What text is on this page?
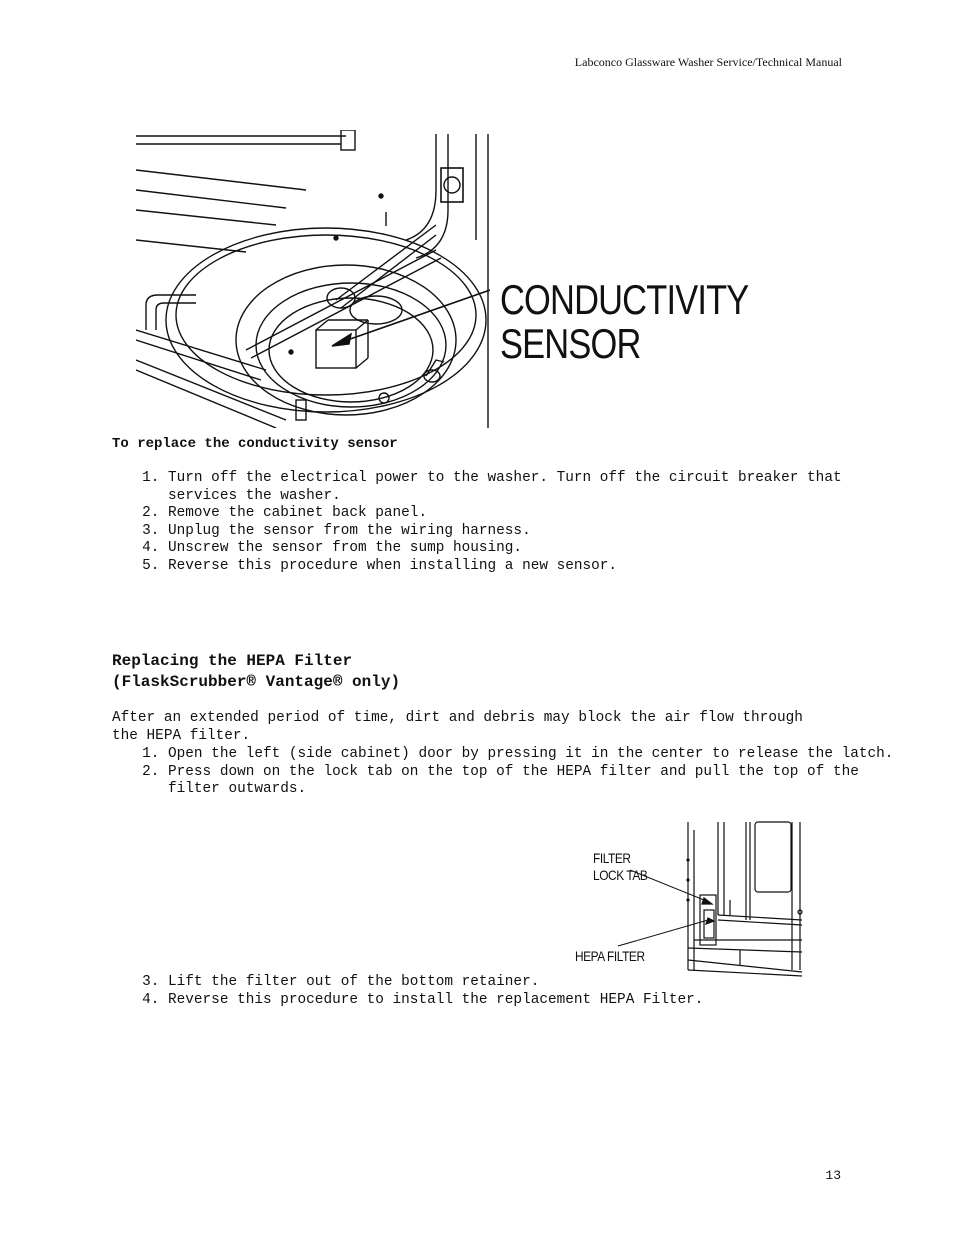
Labconco Glassware Washer Service/Technical Manual
CONDUCTIVITY
SENSOR
To replace the conductivity sensor
1. Turn off the electrical power to the washer. Turn off the circuit breaker that services the washer.
2. Remove the cabinet back panel.
3. Unplug the sensor from the wiring harness.
4. Unscrew the sensor from the sump housing.
5. Reverse this procedure when installing a new sensor.
Replacing the HEPA Filter
(FlaskScrubber® Vantage® only)
After an extended period of time, dirt and debris may block the air flow through the HEPA filter.
1. Open the left (side cabinet) door by pressing it in the center to release the latch.
2. Press down on the lock tab on the top of the HEPA filter and pull the top of the filter outwards.
FILTER
LOCK TAB
HEPA FILTER
3. Lift the filter out of the bottom retainer.
4. Reverse this procedure to install the replacement HEPA Filter.
13
